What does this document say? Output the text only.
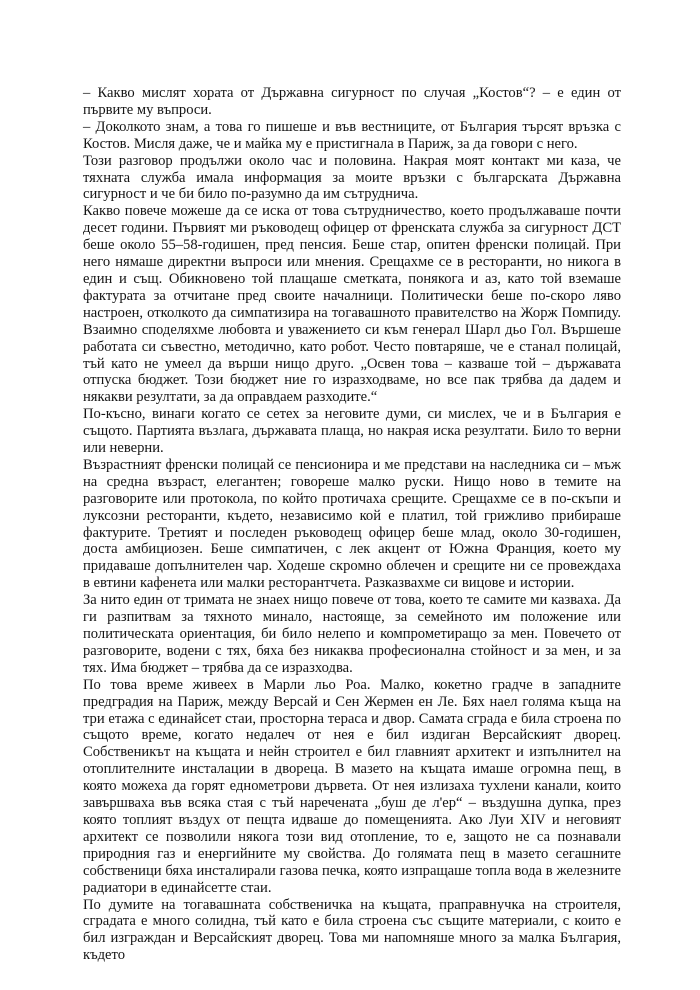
– Какво мислят хората от Държавна сигурност по случая „Костов“? – е един от първите му въпроси.

– Доколкото знам, а това го пишеше и във вестниците, от България търсят връзка с Костов. Мисля даже, че и майка му е пристигнала в Париж, за да говори с него.

Този разговор продължи около час и половина. Накрая моят контакт ми каза, че тяхната служба имала информация за моите връзки с българската Държавна сигурност и че би било по-разумно да им сътруднича.

Какво повече можеше да се иска от това сътрудничество, което продължаваше почти десет години. Първият ми ръководещ офицер от френската служба за сигурност ДСТ беше около 55–58-годишен, пред пенсия. Беше стар, опитен френски полицай. При него нямаше директни въпроси или мнения. Срещахме се в ресторанти, но никога в един и същ. Обикновено той плащаше сметката, понякога и аз, като той вземаше фактурата за отчитане пред своите началници. Политически беше по-скоро ляво настроен, отколкото да симпатизира на тогавашното правителство на Жорж Помпиду. Взаимно споделяхме любовта и уважението си към генерал Шарл дьо Гол. Вършеше работата си съвестно, методично, като робот. Често повтаряше, че е станал полицай, тъй като не умеел да върши нищо друго. „Освен това – казваше той – държавата отпуска бюджет. Този бюджет ние го изразходваме, но все пак трябва да дадем и някакви резултати, за да оправдаем разходите.“

По-късно, винаги когато се сетех за неговите думи, си мислех, че и в България е същото. Партията възлага, държавата плаща, но накрая иска резултати. Било то верни или неверни.

Възрастният френски полицай се пенсионира и ме представи на наследника си – мъж на средна възраст, елегантен; говореше малко руски. Нищо ново в темите на разговорите или протокола, по който протичаха срещите. Срещахме се в по-скъпи и луксозни ресторанти, където, независимо кой е платил, той грижливо прибираше фактурите. Третият и последен ръководещ офицер беше млад, около 30-годишен, доста амбициозен. Беше симпатичен, с лек акцент от Южна Франция, което му придаваше допълнителен чар. Ходеше скромно облечен и срещите ни се провеждаха в евтини кафенета или малки ресторантчета. Разказвахме си вицове и истории.

За нито един от тримата не знаех нищо повече от това, което те самите ми казваха. Да ги разпитвам за тяхното минало, настояще, за семейното им положение или политическата ориентация, би било нелепо и компрометиращо за мен. Повечето от разговорите, водени с тях, бяха без никаква професионална стойност и за мен, и за тях. Има бюджет – трябва да се изразходва.

По това време живеех в Марли льо Роа. Малко, кокетно градче в западните предградия на Париж, между Версай и Сен Жермен ен Ле. Бях наел голяма къща на три етажа с единайсет стаи, просторна тераса и двор. Самата сграда е била строена по същото време, когато недалеч от нея е бил издиган Версайският дворец. Собственикът на къщата и нейн строител е бил главният архитект и изпълнител на отоплителните инсталации в двореца. В мазето на къщата имаше огромна пещ, в която можеха да горят еднометрови дървета. От нея излизаха тухлени канали, които завършваха във всяка стая с тъй наречената „буш де л'ер“ – въздушна дупка, през която топлият въздух от пещта идваше до помещенията. Ако Луи XIV и неговият архитект се позволили някога този вид отопление, то е, защото не са познавали природния газ и енергийните му свойства. До голямата пещ в мазето сегашните собственици бяха инсталирали газова печка, която изпращаше топла вода в железните радиатори в единайсетте стаи.

По думите на тогавашната собственичка на къщата, праправнучка на строителя, сградата е много солидна, тъй като е била строена със същите материали, с които е бил изграждан и Версайският дворец. Това ми напомняше много за малка България, където
